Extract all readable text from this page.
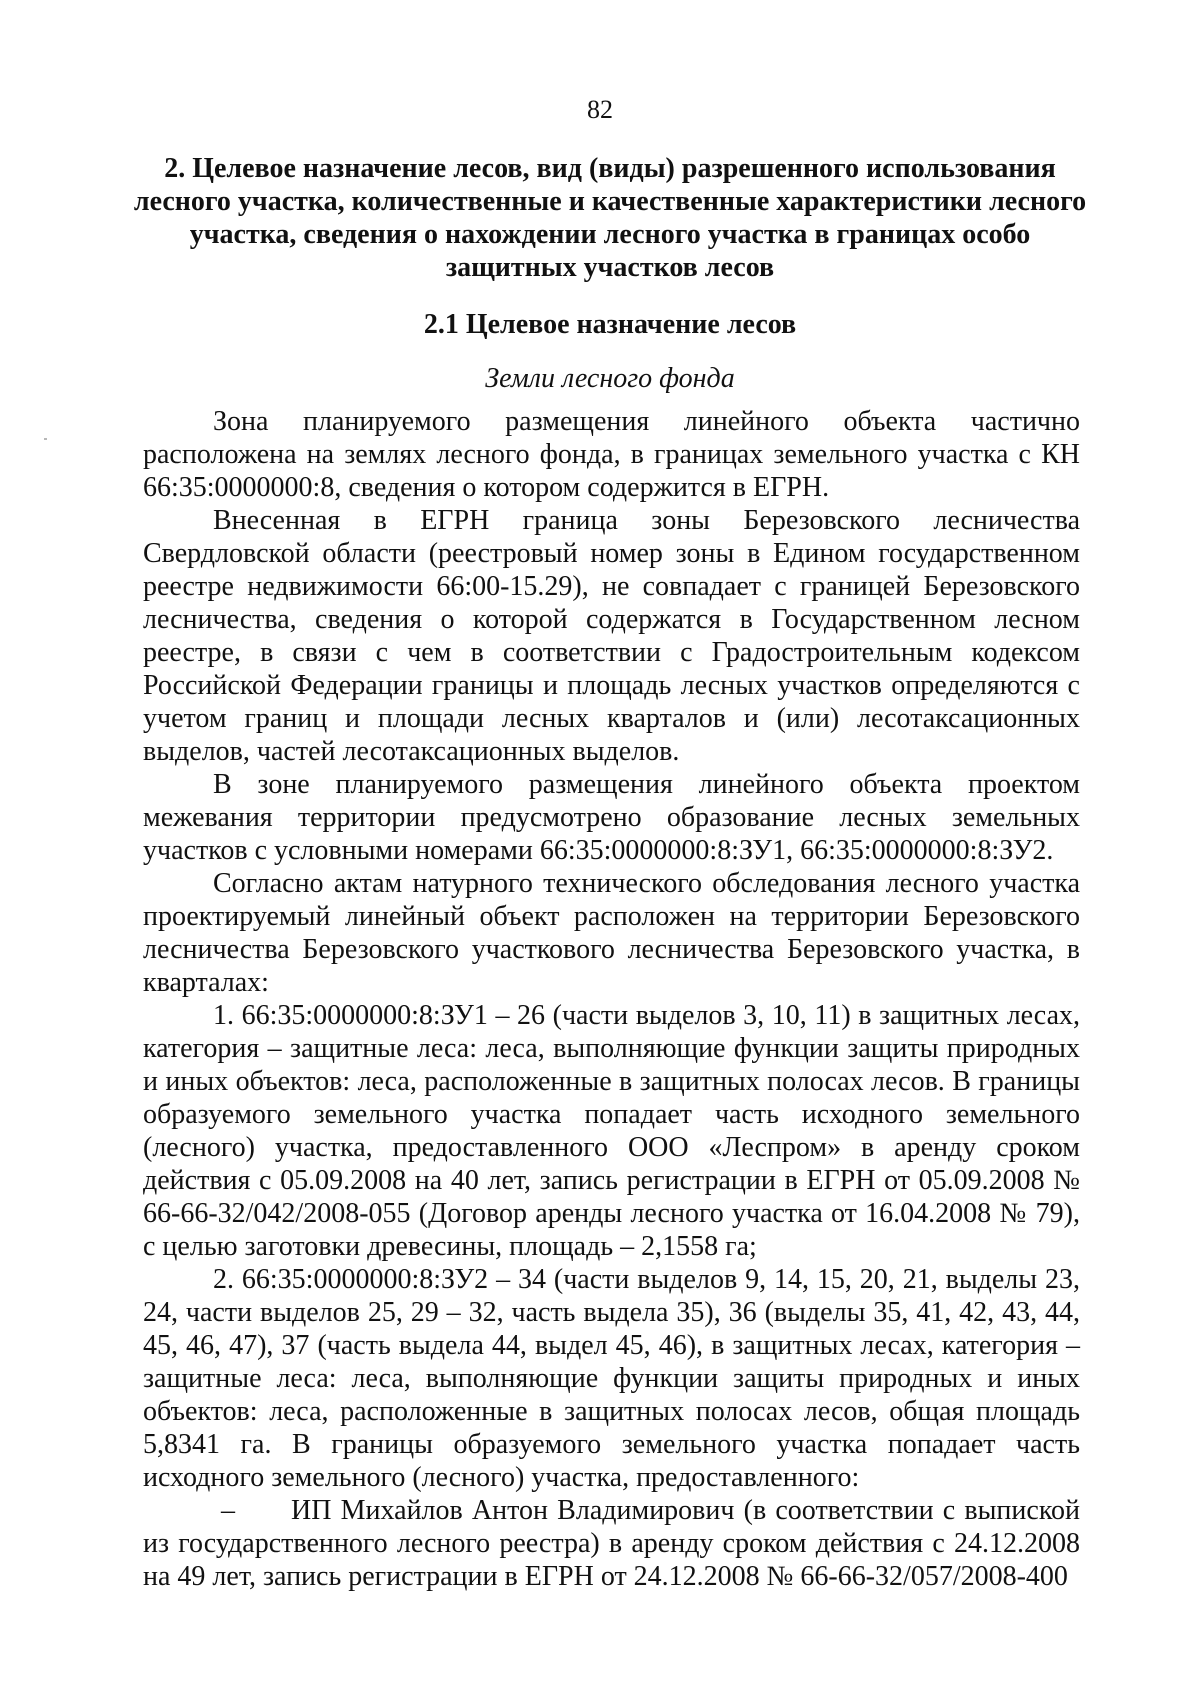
82
2. Целевое назначение лесов, вид (виды) разрешенного использования лесного участка, количественные и качественные характеристики лесного участка, сведения о нахождении лесного участка в границах особо защитных участков лесов
2.1 Целевое назначение лесов
Земли лесного фонда

Зона планируемого размещения линейного объекта частично расположена на землях лесного фонда, в границах земельного участка с КН 66:35:0000000:8, сведения о котором содержится в ЕГРН.

Внесенная в ЕГРН граница зоны Березовского лесничества Свердловской области (реестровый номер зоны в Едином государственном реестре недвижимости 66:00-15.29), не совпадает с границей Березовского лесничества, сведения о которой содержатся в Государственном лесном реестре, в связи с чем в соответствии с Градостроительным кодексом Российской Федерации границы и площадь лесных участков определяются с учетом границ и площади лесных кварталов и (или) лесотаксационных выделов, частей лесотаксационных выделов.

В зоне планируемого размещения линейного объекта проектом межевания территории предусмотрено образование лесных земельных участков с условными номерами 66:35:0000000:8:ЗУ1, 66:35:0000000:8:ЗУ2.

Согласно актам натурного технического обследования лесного участка проектируемый линейный объект расположен на территории Березовского лесничества Березовского участкового лесничества Березовского участка, в кварталах:

1. 66:35:0000000:8:ЗУ1 – 26 (части выделов 3, 10, 11) в защитных лесах, категория – защитные леса: леса, выполняющие функции защиты природных и иных объектов: леса, расположенные в защитных полосах лесов. В границы образуемого земельного участка попадает часть исходного земельного (лесного) участка, предоставленного ООО «Леспром» в аренду сроком действия с 05.09.2008 на 40 лет, запись регистрации в ЕГРН от 05.09.2008 № 66-66-32/042/2008-055 (Договор аренды лесного участка от 16.04.2008 № 79), с целью заготовки древесины, площадь – 2,1558 га;

2. 66:35:0000000:8:ЗУ2 – 34 (части выделов 9, 14, 15, 20, 21, выделы 23, 24, части выделов 25, 29 – 32, часть выдела 35), 36 (выделы 35, 41, 42, 43, 44, 45, 46, 47), 37 (часть выдела 44, выдел 45, 46), в защитных лесах, категория – защитные леса: леса, выполняющие функции защиты природных и иных объектов: леса, расположенные в защитных полосах лесов, общая площадь 5,8341 га. В границы образуемого земельного участка попадает часть исходного земельного (лесного) участка, предоставленного:

– ИП Михайлов Антон Владимирович (в соответствии с выпиской из государственного лесного реестра) в аренду сроком действия с 24.12.2008 на 49 лет, запись регистрации в ЕГРН от 24.12.2008 № 66-66-32/057/2008-400
